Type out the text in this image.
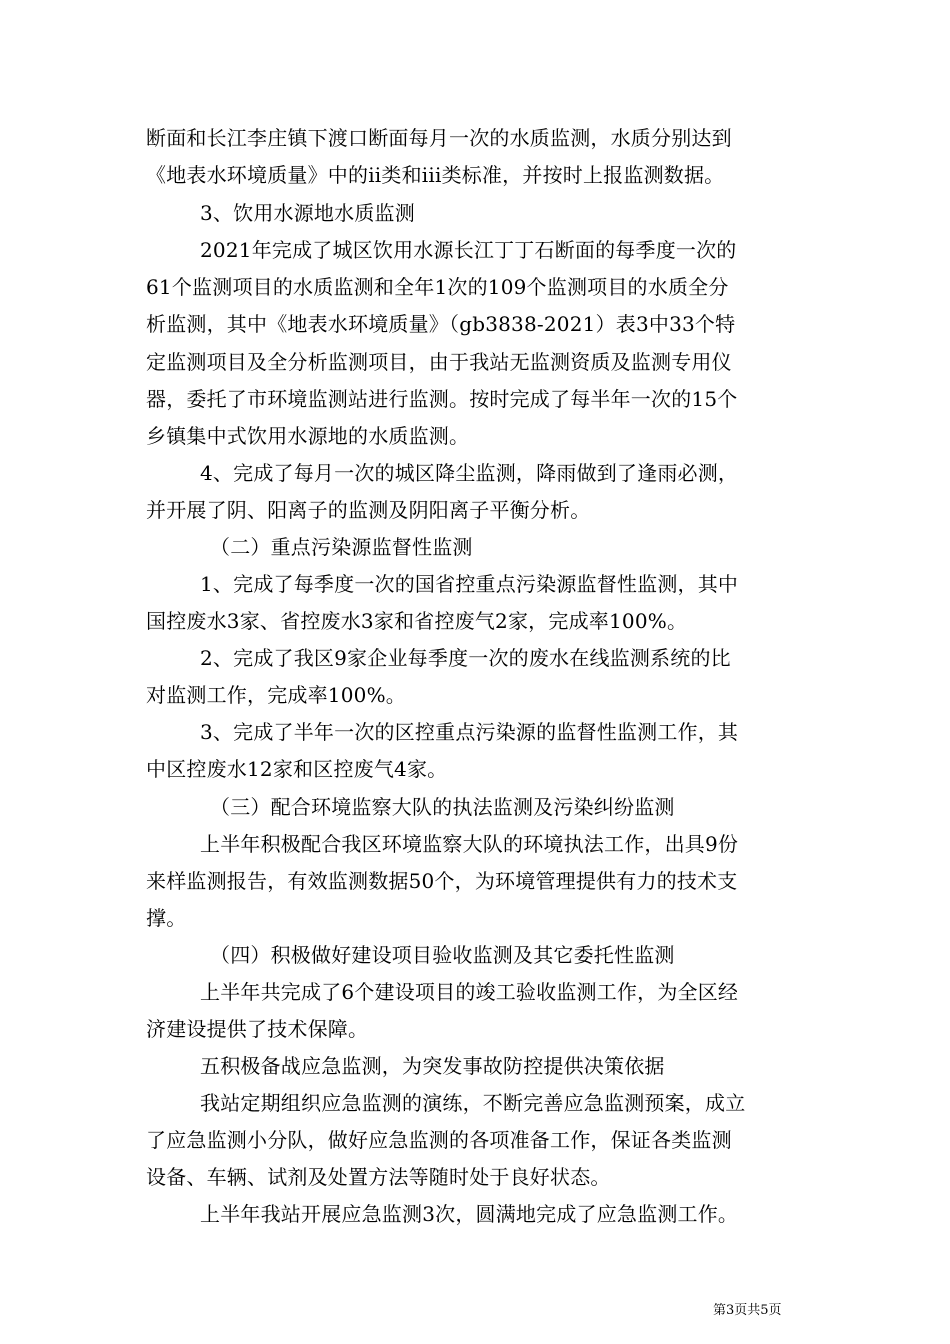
断面和长江李庄镇下渡口断面每月一次的水质监测，水质分别达到
《地表水环境质量》中的ii类和iii类标准，并按时上报监测数据。
3、饮用水源地水质监测
2021年完成了城区饮用水源长江丁丁石断面的每季度一次的
61个监测项目的水质监测和全年1次的109个监测项目的水质全分
析监测，其中《地表水环境质量》（gb3838-2021）表3中33个特
定监测项目及全分析监测项目，由于我站无监测资质及监测专用仪
器，委托了市环境监测站进行监测。按时完成了每半年一次的15个
乡镇集中式饮用水源地的水质监测。
4、完成了每月一次的城区降尘监测，降雨做到了逢雨必测，
并开展了阴、阳离子的监测及阴阳离子平衡分析。
（二）重点污染源监督性监测
1、完成了每季度一次的国省控重点污染源监督性监测，其中
国控废水3家、省控废水3家和省控废气2家，完成率100%。
2、完成了我区9家企业每季度一次的废水在线监测系统的比
对监测工作，完成率100%。
3、完成了半年一次的区控重点污染源的监督性监测工作，其
中区控废水12家和区控废气4家。
（三）配合环境监察大队的执法监测及污染纠纷监测
上半年积极配合我区环境监察大队的环境执法工作，出具9份
来样监测报告，有效监测数据50个，为环境管理提供有力的技术支
撑。
（四）积极做好建设项目验收监测及其它委托性监测
上半年共完成了6个建设项目的竣工验收监测工作，为全区经
济建设提供了技术保障。
五积极备战应急监测，为突发事故防控提供决策依据
我站定期组织应急监测的演练，不断完善应急监测预案，成立
了应急监测小分队，做好应急监测的各项准备工作，保证各类监测
设备、车辆、试剂及处置方法等随时处于良好状态。
上半年我站开展应急监测3次，圆满地完成了应急监测工作。
第3页共5页
